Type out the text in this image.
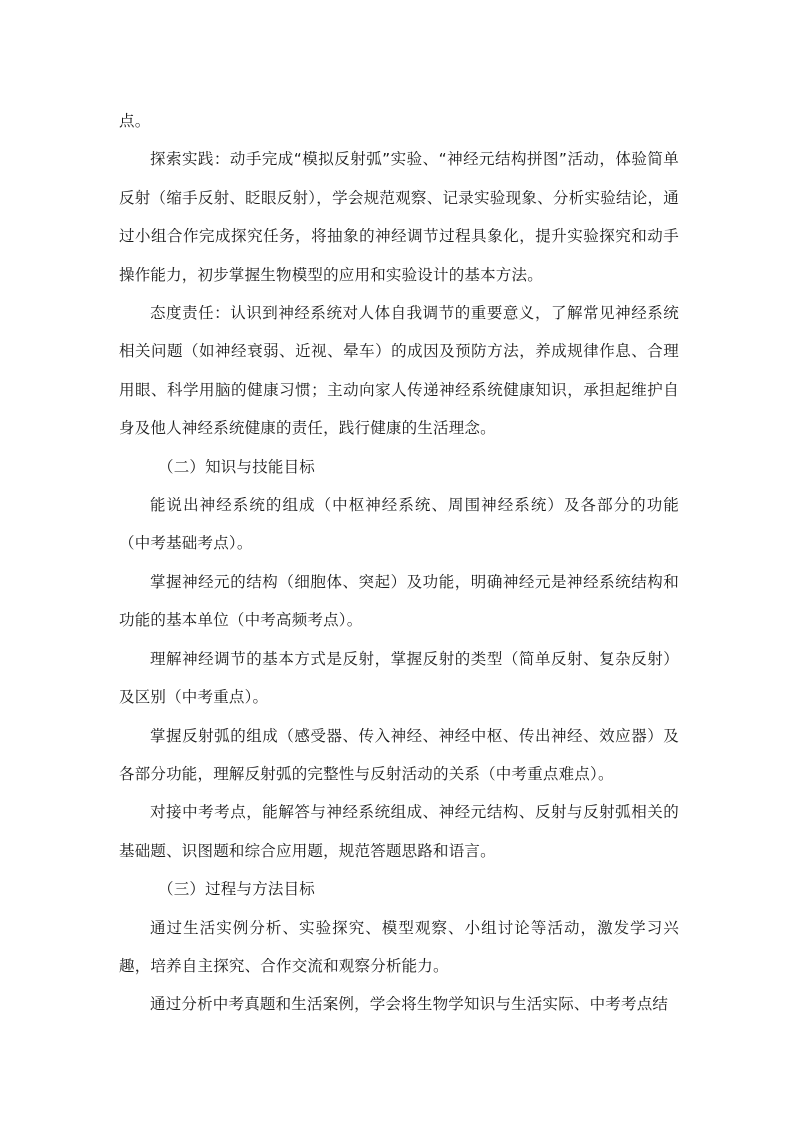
点。

探索实践：动手完成“模拟反射弧”实验、“神经元结构拼图”活动，体验简单反射（缩手反射、眨眼反射），学会规范观察、记录实验现象、分析实验结论，通过小组合作完成探究任务，将抽象的神经调节过程具象化，提升实验探究和动手操作能力，初步掌握生物模型的应用和实验设计的基本方法。

态度责任：认识到神经系统对人体自我调节的重要意义，了解常见神经系统相关问题（如神经衰弱、近视、晕车）的成因及预防方法，养成规律作息、合理用眼、科学用脑的健康习惯；主动向家人传递神经系统健康知识，承担起维护自身及他人神经系统健康的责任，践行健康的生活理念。

（二）知识与技能目标

能说出神经系统的组成（中枢神经系统、周围神经系统）及各部分的功能（中考基础考点）。

掌握神经元的结构（细胞体、突起）及功能，明确神经元是神经系统结构和功能的基本单位（中考高频考点）。

理解神经调节的基本方式是反射，掌握反射的类型（简单反射、复杂反射）及区别（中考重点）。

掌握反射弧的组成（感受器、传入神经、神经中枢、传出神经、效应器）及各部分功能，理解反射弧的完整性与反射活动的关系（中考重点难点）。

对接中考考点，能解答与神经系统组成、神经元结构、反射与反射弧相关的基础题、识图题和综合应用题，规范答题思路和语言。

（三）过程与方法目标

通过生活实例分析、实验探究、模型观察、小组讨论等活动，激发学习兴趣，培养自主探究、合作交流和观察分析能力。

通过分析中考真题和生活案例，学会将生物学知识与生活实际、中考考点结
